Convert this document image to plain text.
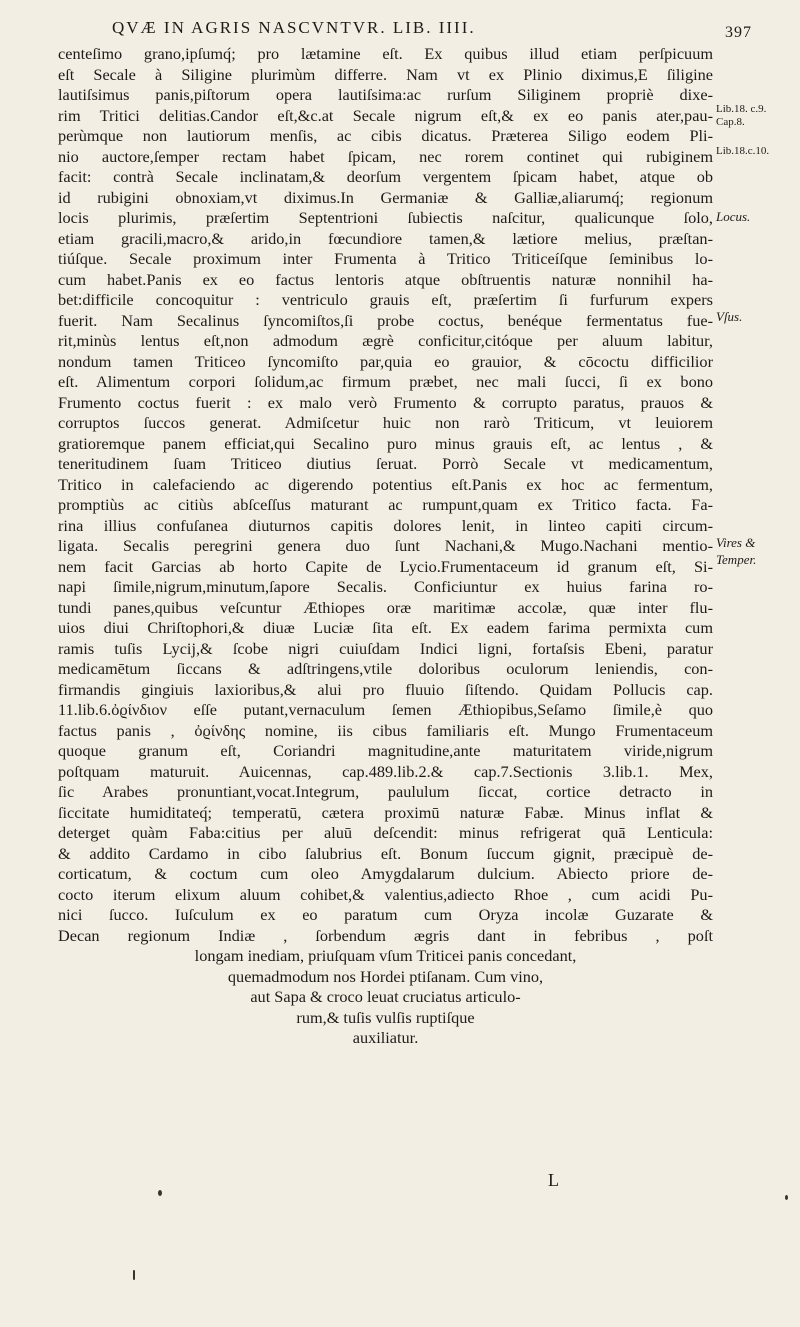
QVÆ IN AGRIS NASCVNTVR. LIB. IIII.	397
centeſimo grano,ipſumq́; pro lætamine eſt. Ex quibus illud etiam perſpicuum
eſt Secale à Siligine plurimùm differre. Nam vt ex Plinio diximus,E ſiligine
lautiſsimus panis,piſtorum opera lautiſsima:ac rurſum Siliginem propriè dixe-
rim Tritici delitias.Candor eſt,&c.at Secale nigrum eſt,& ex eo panis ater,pau-
perùmque non lautiorum menſis, ac cibis dicatus. Præterea Siligo eodem Pli-
nio auctore,ſemper rectam habet ſpicam, nec rorem continet qui rubiginem
facit: contrà Secale inclinatam,& deorſum vergentem ſpicam habet, atque ob
id rubigini obnoxiam,vt diximus.In Germaniæ & Galliæ,aliarumq́; regionum
locis plurimis, præſertim Septentrioni ſubiectis naſcitur, qualicunque ſolo,
etiam gracili,macro,& arido,in fœcundiore tamen,& lætiore melius, præſtan-
tiúſque. Secale proximum inter Frumenta à Tritico Triticeíſque ſeminibus lo-
cum habet.Panis ex eo factus lentoris atque obſtruentis naturæ nonnihil ha-
bet:difficile concoquitur : ventriculo grauis eſt, præſertim ſi furfurum expers
fuerit. Nam Secalinus ſyncomiſtos,ſi probe coctus, benéque fermentatus fue-
rit,minùs lentus eſt,non admodum ægrè conficitur,citóque per aluum labitur,
nondum tamen Triticeo ſyncomiſto par,quia eo grauior, & cōcoctu difficilior
eſt. Alimentum corpori ſolidum,ac firmum præbet, nec mali ſucci, ſi ex bono
Frumento coctus fuerit : ex malo verò Frumento & corrupto paratus, prauos &
corruptos ſuccos generat. Admiſcetur huic non rarò Triticum, vt leuiorem
gratioremque panem efficiat,qui Secalino puro minus grauis eſt, ac lentus , &
teneritudinem ſuam Triticeo diutius ſeruat. Porrò Secale vt medicamentum,
Tritico in calefaciendo ac digerendo potentius eſt.Panis ex hoc ac fermentum,
promptiùs ac citiùs abſceſſus maturant ac rumpunt,quam ex Tritico facta. Fa-
rina illius confuſanea diuturnos capitis dolores lenit, in linteo capiti circum-
ligata. Secalis peregrini genera duo ſunt Nachani,& Mugo.Nachani mentio-
nem facit Garcias ab horto Capite de Lycio.Frumentaceum id granum eſt, Si-
napi ſimile,nigrum,minutum,ſapore Secalis. Conficiuntur ex huius farina ro-
tundi panes,quibus veſcuntur Æthiopes oræ maritimæ accolæ, quæ inter flu-
uios diui Chriſtophori,& diuæ Luciæ ſita eſt. Ex eadem farima permixta cum
ramis tuſis Lycij,& ſcobe nigri cuiuſdam Indici ligni, fortaſsis Ebeni, paratur
medicamētum ſiccans & adſtringens,vtile doloribus oculorum leniendis, con-
firmandis gingiuis laxioribus,& alui pro fluuio ſiſtendo. Quidam Pollucis cap.
11.lib.6.ὀϱίνδιον eſſe putant,vernaculum ſemen Æthiopibus,Seſamo ſimile,è quo
factus panis , ὀϱίνδης nomine, iis cibus familiaris eſt. Mungo Frumentaceum
quoque granum eſt, Coriandri magnitudine,ante maturitatem viride,nigrum
poſtquam maturuit. Auicennas, cap.489.lib.2.& cap.7.Sectionis 3.lib.1. Mex,
ſic Arabes pronuntiant,vocat.Integrum, paululum ſiccat, cortice detracto in
ſiccitate humiditateq́; temperatū, cætera proximū naturæ Fabæ. Minus inflat &
deterget quàm Faba:citius per aluū deſcendit: minus refrigerat quā Lenticula:
& addito Cardamo in cibo ſalubrius eſt. Bonum ſuccum gignit, præcipuè de-
corticatum, & coctum cum oleo Amygdalarum dulcium. Abiecto priore de-
cocto iterum elixum aluum cohibet,& valentius,adiecto Rhoe , cum acidi Pu-
nici ſucco. Iuſculum ex eo paratum cum Oryza incolæ Guzarate &
Decan regionum Indiæ , ſorbendum ægris dant in febribus , poſt
longam inediam, priuſquam vſum Triticei panis concedant,
quemadmodum nos Hordei ptiſanam. Cum vino,
aut Sapa & croco leuat cruciatus articulo-
rum,& tuſis vulſis ruptiſque
auxiliatur.
Lib.18. c.9.
Cap.8.
Lib.18.c.10.
Locus.
Vſus.
Vires &
Temper.
L
